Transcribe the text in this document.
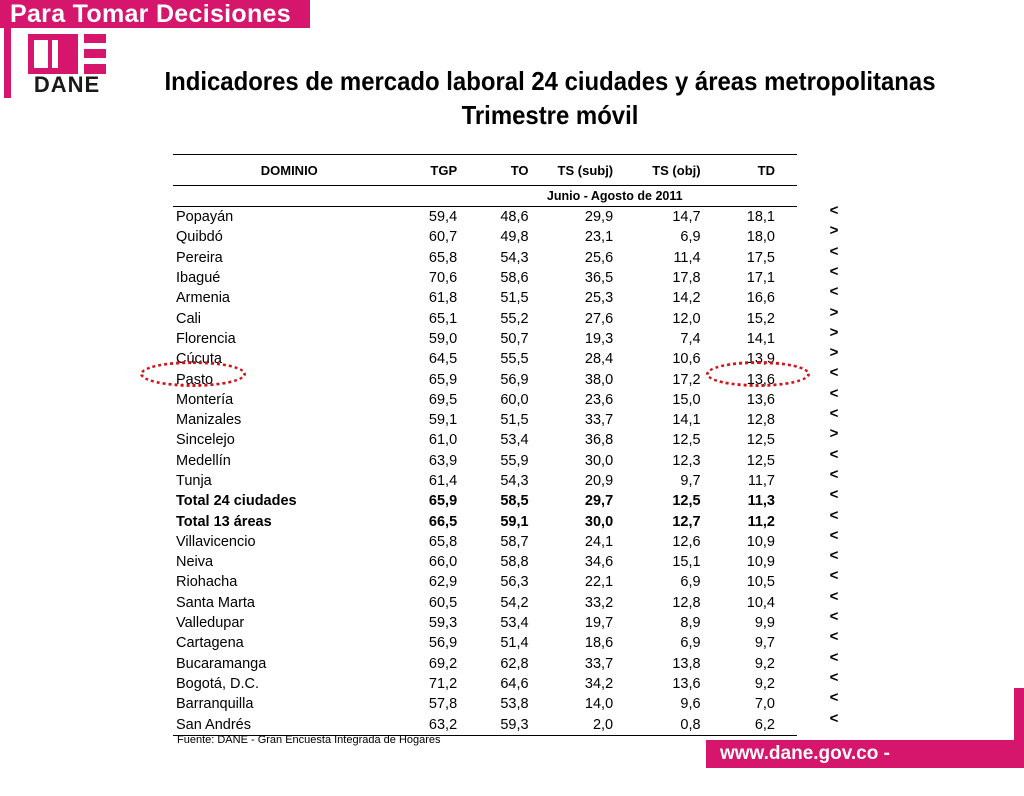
Para Tomar Decisiones
DANE	Indicadores de mercado laboral 24 ciudades y áreas metropolitanas
Trimestre móvil
DOMINIO	TGP	TO	TS (subj)	TS (obj)	TD
	Junio - Agosto de 2011				
Popayán	59,4	48,6	29,9	14,7	18,1
Quibdó	60,7	49,8	23,1	6,9	18,0
Pereira	65,8	54,3	25,6	11,4	17,5
Ibagué	70,6	58,6	36,5	17,8	17,1
Armenia	61,8	51,5	25,3	14,2	16,6
Cali	65,1	55,2	27,6	12,0	15,2
Florencia	59,0	50,7	19,3	7,4	14,1
Cúcuta	64,5	55,5	28,4	10,6	13,9
Pasto	65,9	56,9	38,0	17,2	13,6
Montería	69,5	60,0	23,6	15,0	13,6
Manizales	59,1	51,5	33,7	14,1	12,8
Sincelejo	61,0	53,4	36,8	12,5	12,5
Medellín	63,9	55,9	30,0	12,3	12,5
Tunja	61,4	54,3	20,9	9,7	11,7
Total 24 ciudades	65,9	58,5	29,7	12,5	11,3
Total 13 áreas	66,5	59,1	30,0	12,7	11,2
Villavicencio	65,8	58,7	24,1	12,6	10,9
Neiva	66,0	58,8	34,6	15,1	10,9
Riohacha	62,9	56,3	22,1	6,9	10,5
Santa Marta	60,5	54,2	33,2	12,8	10,4
Valledupar	59,3	53,4	19,7	8,9	9,9
Cartagena	56,9	51,4	18,6	6,9	9,7
Bucaramanga	69,2	62,8	33,7	13,8	9,2
Bogotá, D.C.	71,2	64,6	34,2	13,6	9,2
Barranquilla	57,8	53,8	14,0	9,6	7,0
San Andrés	63,2	59,3	2,0	0,8	6,2
<
>
<
<
<
>
>
>
<
<
<
>
<
<
<
<
<
<
<
<
<
<
<
<
<
<
Fuente: DANE - Gran Encuesta Integrada de Hogares
www.dane.gov.co - dane@dane.gov.co
